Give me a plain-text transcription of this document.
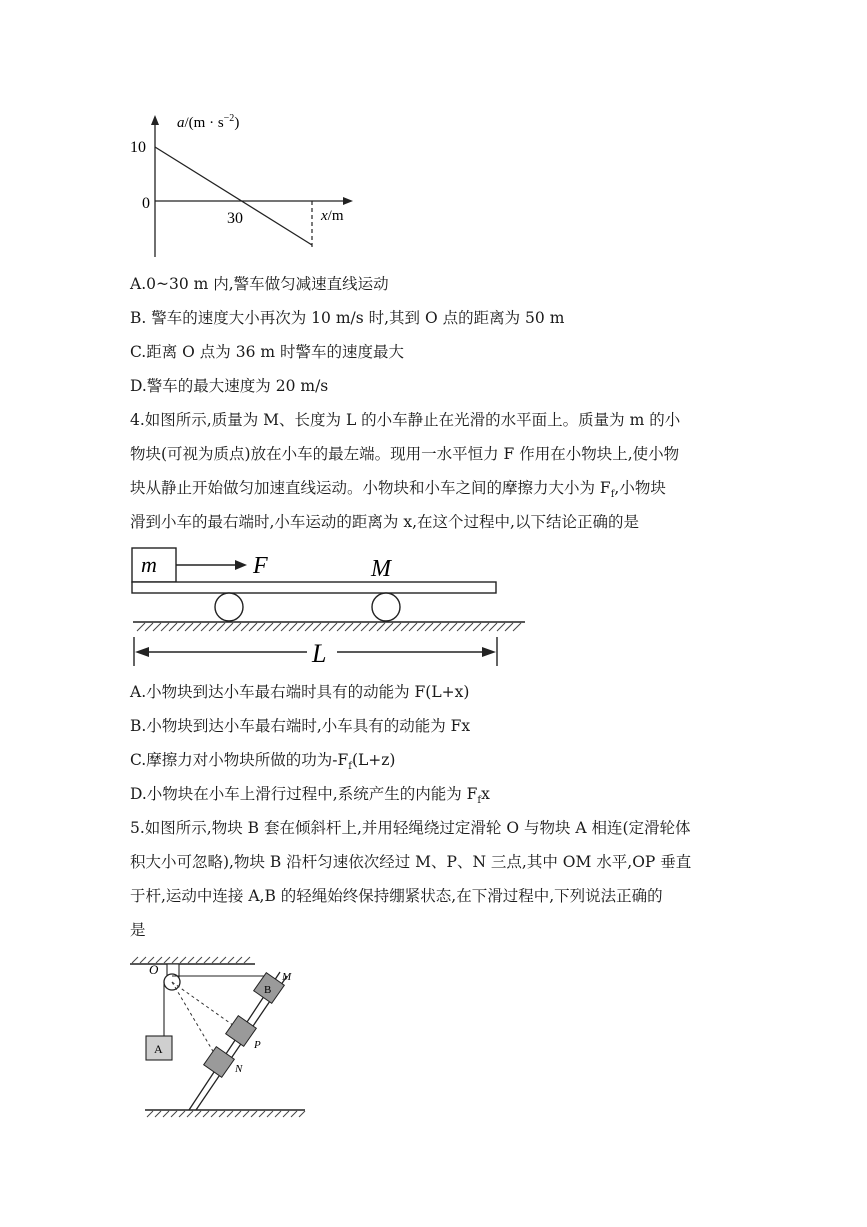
$a/(m \cdot s^{-2})$
10
0
30	x/m
A.0~30 m 内,警车做匀减速直线运动
B. 警车的速度大小再次为 10 m/s 时,其到 O 点的距离为 50 m
C.距离 O 点为 36 m 时警车的速度最大
D.警车的最大速度为 20 m/s
4.如图所示,质量为 M、长度为 L 的小车静止在光滑的水平面上。质量为 m 的小
物块(可视为质点)放在小车的最左端。现用一水平恒力 F 作用在小物块上,使小物
块从静止开始做匀加速直线运动。小物块和小车之间的摩擦力大小为 $F_f$,小物块
滑到小车的最右端时,小车运动的距离为 x,在这个过程中,以下结论正确的是
m	F	M
L
A.小物块到达小车最右端时具有的动能为 F(L+x)
B.小物块到达小车最右端时,小车具有的动能为 Fx
C.摩擦力对小物块所做的功为$-F_f(L+z)$
D.小物块在小车上滑行过程中,系统产生的内能为 $F_fx$
5.如图所示,物块 B 套在倾斜杆上,并用轻绳绕过定滑轮 O 与物块 A 相连(定滑轮体
积大小可忽略),物块 B 沿杆匀速依次经过 M、P、N 三点,其中 OM 水平,OP 垂直
于杆,运动中连接 A,B 的轻绳始终保持绷紧状态,在下滑过程中,下列说法正确的
是
O
A
B
M
P
N
